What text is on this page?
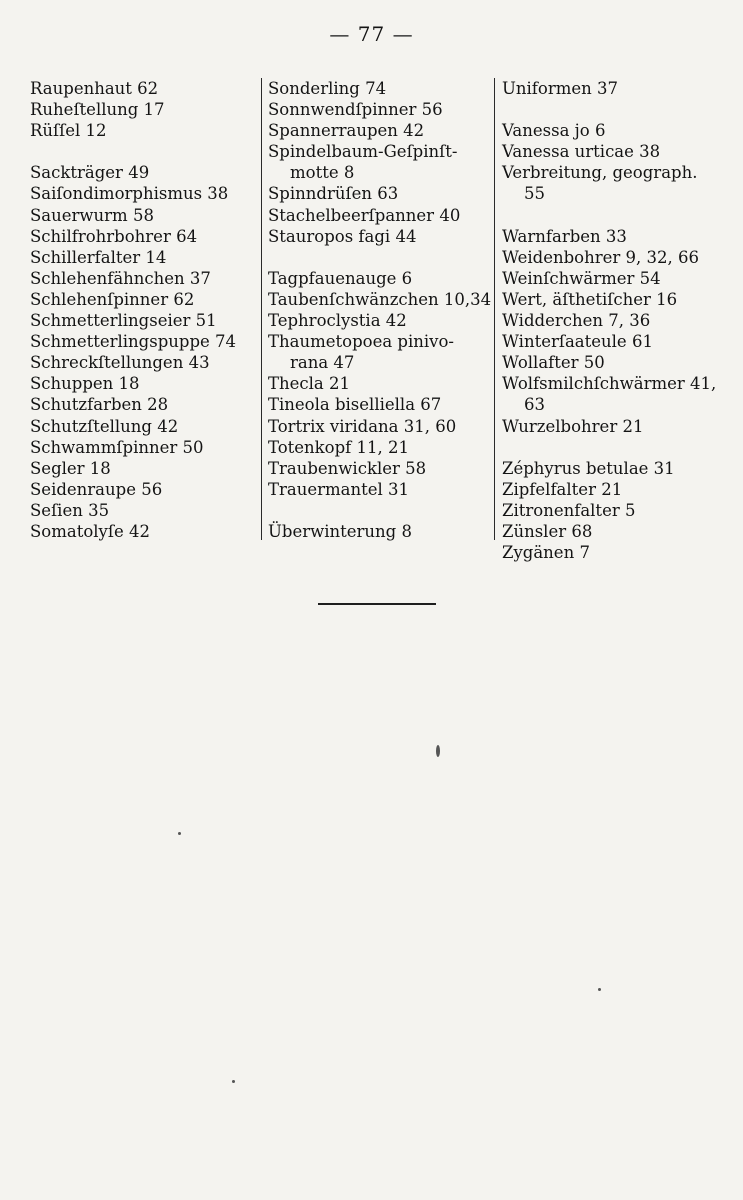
— 77 —
Raupenhaut 62
Ruheſtellung 17
Rüſſel 12
Sackträger 49
Saiſondimorphismus 38
Sauerwurm 58
Schilfrohrbohrer 64
Schillerfalter 14
Schlehenfähnchen 37
Schlehenſpinner 62
Schmetterlingseier 51
Schmetterlingspuppe 74
Schreckſtellungen 43
Schuppen 18
Schutzfarben 28
Schutzſtellung 42
Schwammſpinner 50
Segler 18
Seidenraupe 56
Seſien 35
Somatolyſe 42
Sonderling 74
Sonnwendſpinner 56
Spannerraupen 42
Spindelbaum-Geſpinſt-
motte 8
Spinndrüſen 63
Stachelbeerſpanner 40
Stauropos fagi 44
Tagpfauenauge 6
Taubenſchwänzchen 10,34
Tephroclystia 42
Thaumetopoea pinivo-
rana 47
Thecla 21
Tineola biselliella 67
Tortrix viridana 31, 60
Totenkopf 11, 21
Traubenwickler 58
Trauermantel 31
Überwinterung 8
Uniformen 37
Vanessa jo 6
Vanessa urticae 38
Verbreitung, geograph.
55
Warnfarben 33
Weidenbohrer 9, 32, 66
Weinſchwärmer 54
Wert, äſthetiſcher 16
Widderchen 7, 36
Winterſaateule 61
Wollafter 50
Wolfsmilchſchwärmer 41,
63
Wurzelbohrer 21
Zéphyrus betulae 31
Zipfelfalter 21
Zitronenfalter 5
Zünsler 68
Zygänen 7
